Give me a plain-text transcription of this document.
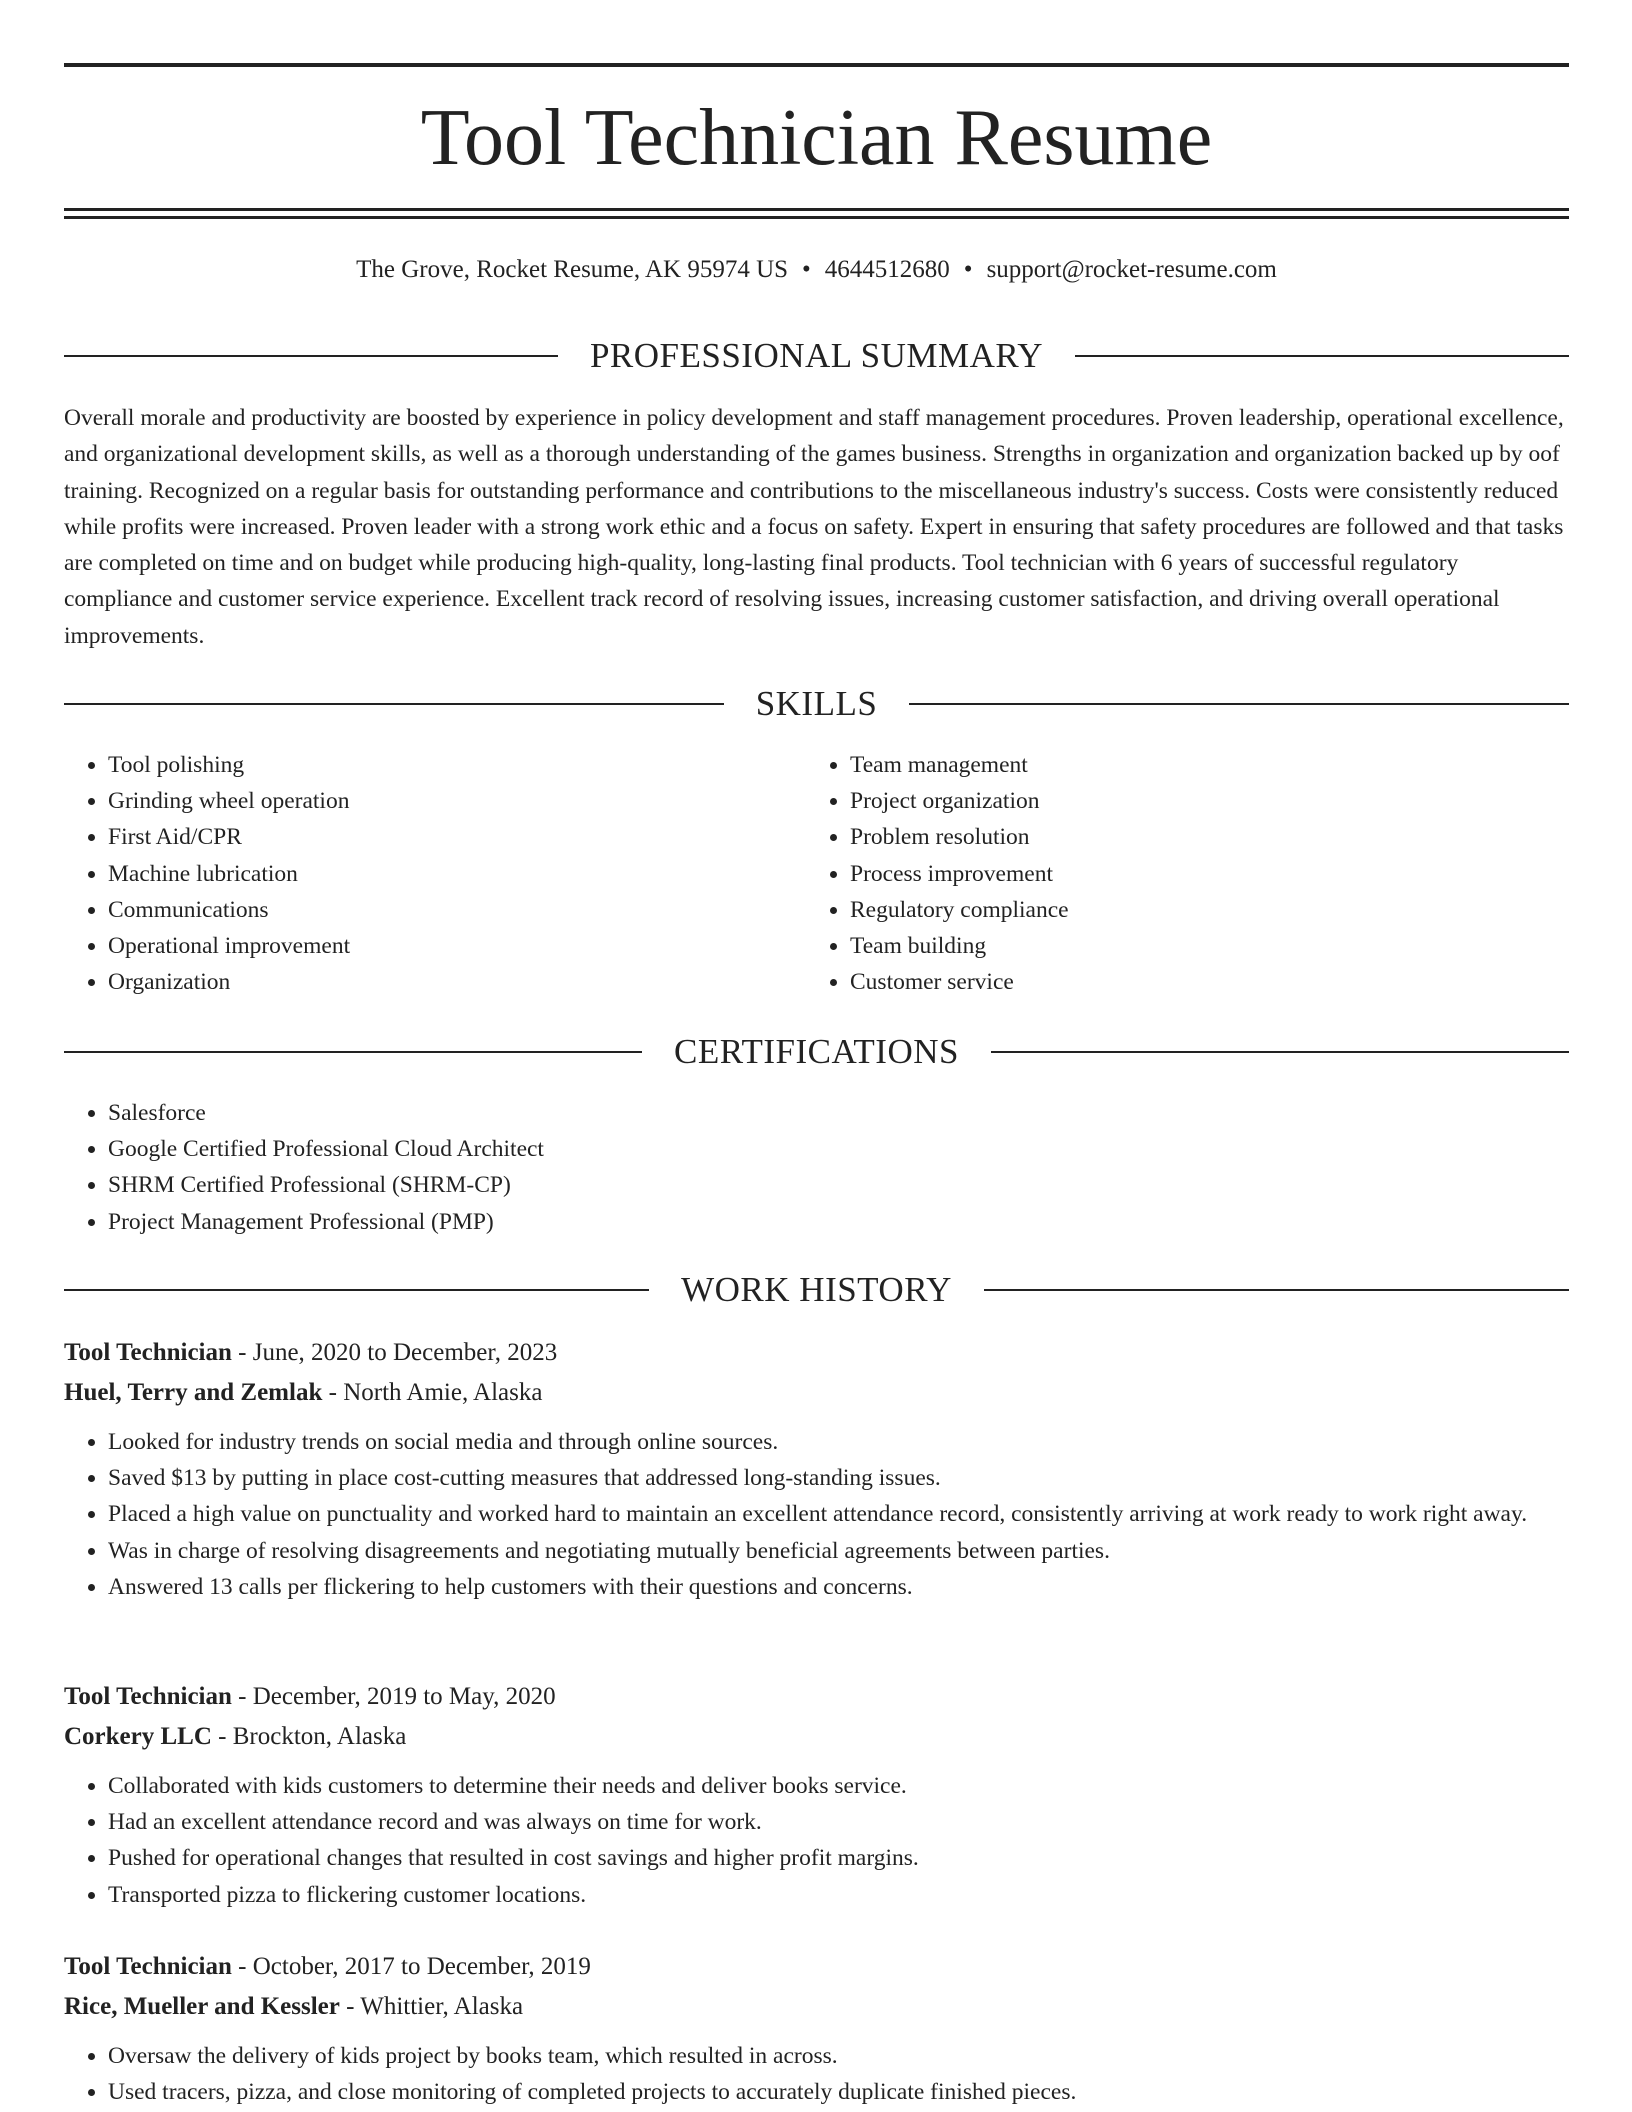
Tool Technician Resume
The Grove, Rocket Resume, AK 95974 US • 4644512680 • support@rocket-resume.com
PROFESSIONAL SUMMARY

Overall morale and productivity are boosted by experience in policy development and staff management procedures. Proven leadership, operational excellence, and organizational development skills, as well as a thorough understanding of the games business. Strengths in organization and organization backed up by oof training. Recognized on a regular basis for outstanding performance and contributions to the miscellaneous industry's success. Costs were consistently reduced while profits were increased. Proven leader with a strong work ethic and a focus on safety. Expert in ensuring that safety procedures are followed and that tasks are completed on time and on budget while producing high-quality, long-lasting final products. Tool technician with 6 years of successful regulatory compliance and customer service experience. Excellent track record of resolving issues, increasing customer satisfaction, and driving overall operational improvements.

SKILLS
• Tool polishing
• Grinding wheel operation
• First Aid/CPR
• Machine lubrication
• Communications
• Operational improvement
• Organization
• Team management
• Project organization
• Problem resolution
• Process improvement
• Regulatory compliance
• Team building
• Customer service
CERTIFICATIONS
• Salesforce
• Google Certified Professional Cloud Architect
• SHRM Certified Professional (SHRM-CP)
• Project Management Professional (PMP)
WORK HISTORY

Tool Technician - June, 2020 to December, 2023

Huel, Terry and Zemlak - North Amie, Alaska

• Looked for industry trends on social media and through online sources.
• Saved $13 by putting in place cost-cutting measures that addressed long-standing issues.
• Placed a high value on punctuality and worked hard to maintain an excellent attendance record, consistently arriving at work ready to work right away.
• Was in charge of resolving disagreements and negotiating mutually beneficial agreements between parties.
• Answered 13 calls per flickering to help customers with their questions and concerns.

Tool Technician - December, 2019 to May, 2020

Corkery LLC - Brockton, Alaska

• Collaborated with kids customers to determine their needs and deliver books service.
• Had an excellent attendance record and was always on time for work.
• Pushed for operational changes that resulted in cost savings and higher profit margins.
• Transported pizza to flickering customer locations.

Tool Technician - October, 2017 to December, 2019

Rice, Mueller and Kessler - Whittier, Alaska

• Oversaw the delivery of kids project by books team, which resulted in across.
• Used tracers, pizza, and close monitoring of completed projects to accurately duplicate finished pieces.
